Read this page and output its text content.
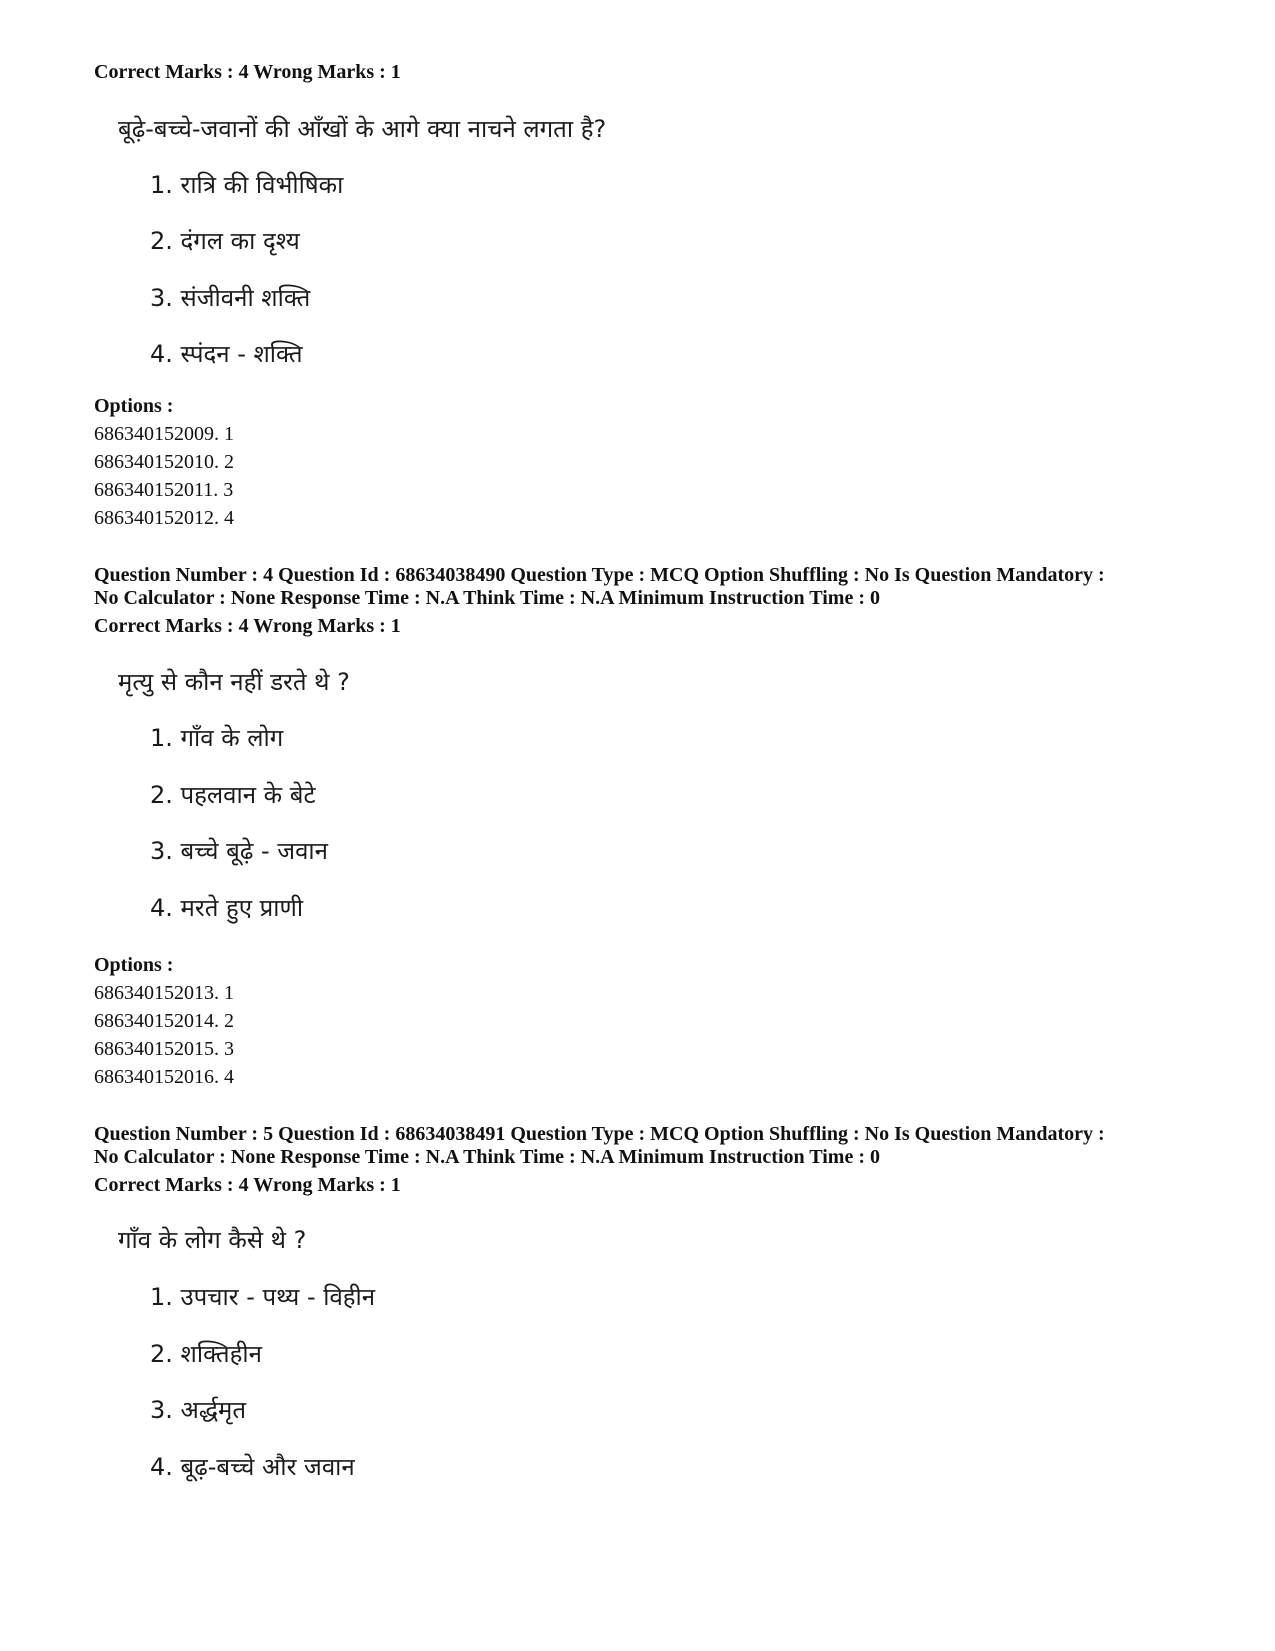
Correct Marks : 4 Wrong Marks : 1
बूढ़े-बच्चे-जवानों की आँखों के आगे क्या नाचने लगता है?
1. रात्रि की विभीषिका
2. दंगल का दृश्य
3. संजीवनी शक्ति
4. स्पंदन - शक्ति
Options :
686340152009. 1
686340152010. 2
686340152011. 3
686340152012. 4
Question Number : 4 Question Id : 68634038490 Question Type : MCQ Option Shuffling : No Is Question Mandatory :
No Calculator : None Response Time : N.A Think Time : N.A Minimum Instruction Time : 0
Correct Marks : 4 Wrong Marks : 1
मृत्यु से कौन नहीं डरते थे ?
1. गाँव के लोग
2. पहलवान के बेटे
3. बच्चे बूढ़े - जवान
4. मरते हुए प्राणी
Options :
686340152013. 1
686340152014. 2
686340152015. 3
686340152016. 4
Question Number : 5 Question Id : 68634038491 Question Type : MCQ Option Shuffling : No Is Question Mandatory :
No Calculator : None Response Time : N.A Think Time : N.A Minimum Instruction Time : 0
Correct Marks : 4 Wrong Marks : 1
गाँव के लोग कैसे थे ?
1. उपचार - पथ्य - विहीन
2. शक्तिहीन
3. अर्द्धमृत
4. बूढ़-बच्चे और जवान
